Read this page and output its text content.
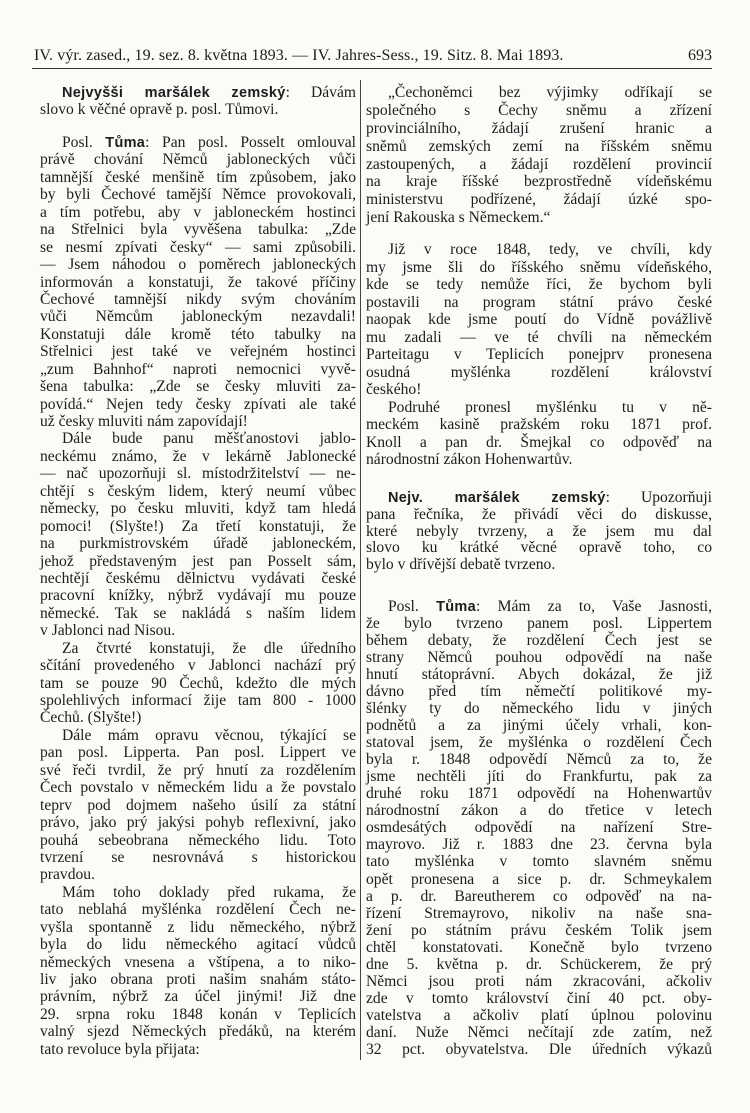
IV. výr. zased., 19. sez. 8. května 1893. — IV. Jahres-Sess., 19. Sitz. 8. Mai 1893.	693
Nejvyšši maršálek zemský: Dávám
slovo k věčné opravě p. posl. Tůmovi.
Posl. Tůma: Pan posl. Posselt omlouval
právě chování Němců jabloneckých vůči
tamnější české menšině tím způsobem, jako
by byli Čechové tamější Němce provokovali,
a tím potřebu, aby v jabloneckém hostinci
na Střelnici byla vyvěšena tabulka: „Zde
se nesmí zpívati česky“ — sami způsobili.
— Jsem náhodou o poměrech jabloneckých
informován a konstatuji, že takové příčiny
Čechové tamnější nikdy svým chováním
vůči Němcům jabloneckým nezavdali!
Konstatuji dále kromě této tabulky na
Střelnici jest také ve veřejném hostinci
„zum Bahnhof“ naproti nemocnici vyvě-
šena tabulka: „Zde se česky mluviti za-
povídá.“ Nejen tedy česky zpívati ale také
už česky mluviti nám zapovídají!
Dále bude panu měšťanostovi jablo-
neckému známo, že v lekárně Jablonecké
— nač upozorňuji sl. místodržitelství — ne-
chtějí s českým lidem, který neumí vůbec
německy, po česku mluviti, když tam hledá
pomoci! (Slyšte!) Za třetí konstatuji, že
na purkmistrovském úřadě jabloneckém,
jehož představeným jest pan Posselt sám,
nechtějí českému dělnictvu vydávati české
pracovní knížky, nýbrž vydávají mu pouze
německé. Tak se nakládá s naším lidem
v Jablonci nad Nisou.
Za čtvrté konstatuji, že dle úředního
sčítání provedeného v Jablonci nachází prý
tam se pouze 90 Čechů, kdežto dle mých
spolehlivých informací žije tam 800 - 1000
Čechů. (Slyšte!)
Dále mám opravu věcnou, týkající se
pan posl. Lipperta. Pan posl. Lippert ve
své řeči tvrdil, že prý hnutí za rozdělením
Čech povstalo v německém lidu a že povstalo
teprv pod dojmem našeho úsilí za státní
právo, jako prý jakýsi pohyb reflexivní, jako
pouhá sebeobrana německého lidu. Toto
tvrzení se nesrovnává s historickou
pravdou.
Mám toho doklady před rukama, že
tato neblahá myšlénka rozdělení Čech ne-
vyšla spontanně z lidu německého, nýbrž
byla do lidu německého agitací vůdců
německých vnesena a vštípena, a to niko-
liv jako obrana proti našim snahám státo-
právním, nýbrž za účel jinými! Již dne
29. srpna roku 1848 konán v Teplicích
valný sjezd Německých předáků, na kterém
tato revoluce byla přijata:
„Čechoněmci bez výjimky odříkají se
společného s Čechy sněmu a zřízení
provinciálního, žádají zrušení hranic a
sněmů zemských zemí na říšském sněmu
zastoupených, a žádají rozdělení provincií
na kraje říšské bezprostředně vídeňskému
ministerstvu podřízené, žádají úzké spo-
jení Rakouska s Německem.“
Již v roce 1848, tedy, ve chvíli, kdy
my jsme šli do říšského sněmu vídeňského,
kde se tedy nemůže říci, že bychom byli
postavili na program státní právo české
naopak kde jsme poutí do Vídně povážlivě
mu zadali — ve té chvíli na německém
Parteitagu v Teplicích ponejprv pronesena
osudná myšlénka rozdělení království
českého!
Podruhé pronesl myšlénku tu v ně-
meckém kasině pražském roku 1871 prof.
Knoll a pan dr. Šmejkal co odpověď na
národnostní zákon Hohenwartův.
Nejv. maršálek zemský: Upozorňuji
pana řečníka, že přivádí věci do diskusse,
které nebyly tvrzeny, a že jsem mu dal
slovo ku krátké věcné opravě toho, co
bylo v dřívější debatě tvrzeno.
Posl. Tůma: Mám za to, Vaše Jasnosti,
že bylo tvrzeno panem posl. Lippertem
během debaty, že rozdělení Čech jest se
strany Němců pouhou odpovědí na naše
hnutí státoprávní. Abych dokázal, že již
dávno před tím němečtí politikové my-
šlénky ty do německého lidu v jiných
podnětů a za jinými účely vrhali, kon-
statoval jsem, že myšlénka o rozdělení Čech
byla r. 1848 odpovědí Němců za to, že
jsme nechtěli jíti do Frankfurtu, pak za
druhé roku 1871 odpovědí na Hohenwartův
národnostní zákon a do třetice v letech
osmdesátých odpovědí na nařízení Stre-
mayrovo. Již r. 1883 dne 23. června byla
tato myšlénka v tomto slavném sněmu
opět pronesena a sice p. dr. Schmeykalem
a p. dr. Bareutherem co odpověď na na-
řízení Stremayrovo, nikoliv na naše sna-
žení po státním právu českém Tolik jsem
chtěl konstatovati. Konečně bylo tvrzeno
dne 5. května p. dr. Schückerem, že prý
Němci jsou proti nám zkracováni, ačkoliv
zde v tomto království činí 40 pct. oby-
vatelstva a ačkoliv platí úplnou polovinu
daní. Nuže Němci nečítají zde zatím, než
32 pct. obyvatelstva. Dle úředních výkazů
